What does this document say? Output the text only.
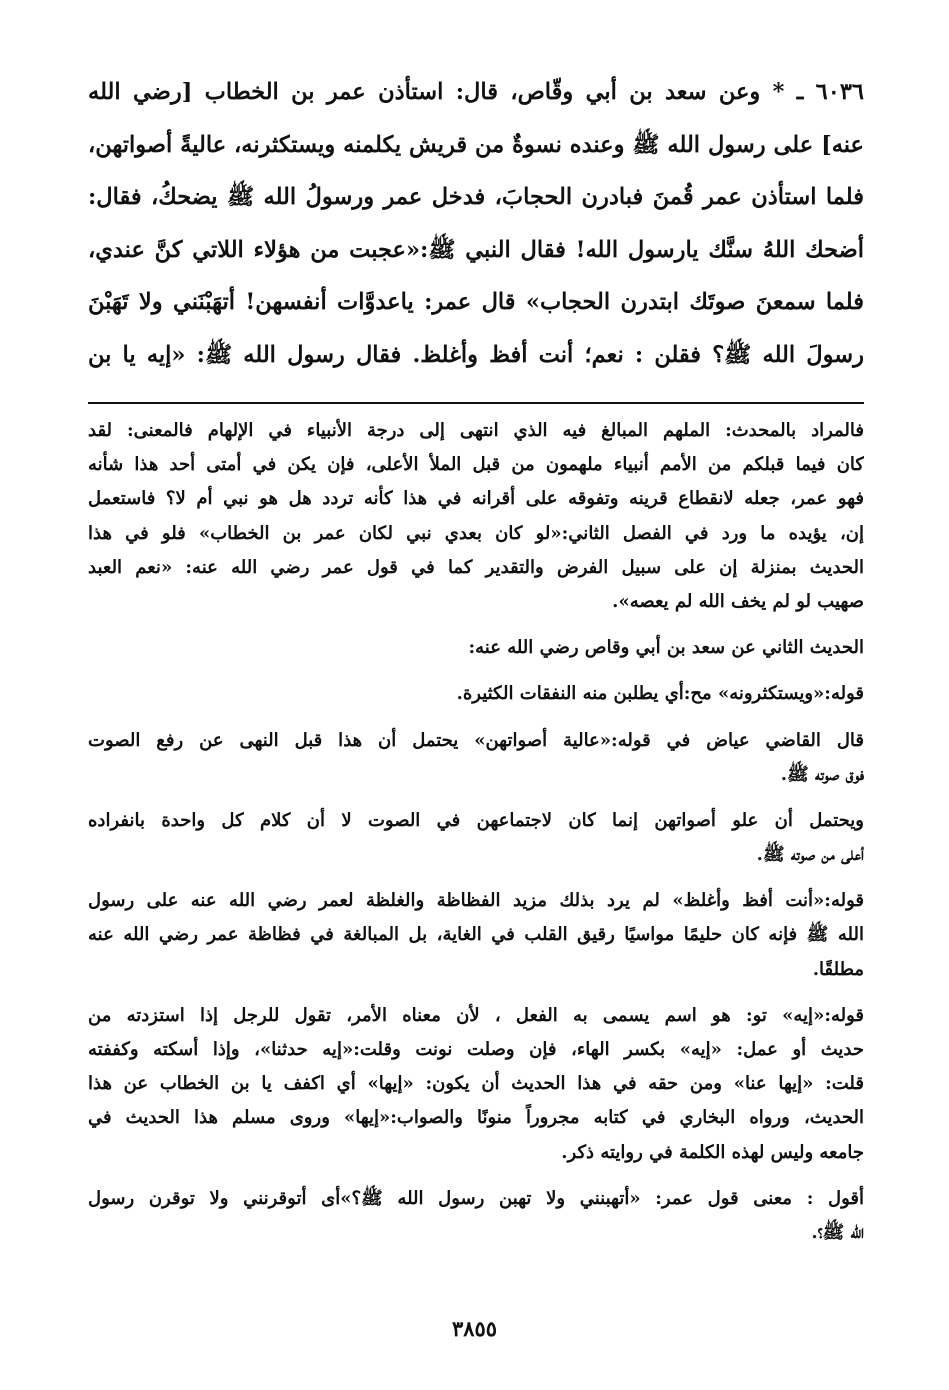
٦٠٣٦ ـ * وعن سعد بن أبي وقّاص، قال: استأذن عمر بن الخطاب [رضي الله
عنه] على رسول الله ﷺ وعنده نسوةٌ من قريش يكلمنه ويستكثرنه، عاليةً أصواتهن،
فلما استأذن عمر قُمنَ فبادرن الحجابَ، فدخل عمر ورسولُ الله ﷺ يضحكُ، فقال:
أضحك اللهُ سنَّك يارسول الله! فقال النبي ﷺ:«عجبت من هؤلاء اللاتي كنَّ عندي،
فلما سمعنَ صوتَك ابتدرن الحجاب» قال عمر: ياعدوَّات أنفسهن! أتهَبْنَني ولا تَهَبْنَ
رسولَ الله ﷺ؟ فقلن : نعم؛ أنت أفظ وأغلظ. فقال رسول الله ﷺ: «إيه يا بن
فالمراد بالمحدث: الملهم المبالغ فيه الذي انتهى إلى درجة الأنبياء في الإلهام فالمعنى: لقد
كان فيما قبلكم من الأمم أنبياء ملهمون من قبل الملأ الأعلى، فإن يكن في أمتى أحد هذا شأنه
فهو عمر، جعله لانقطاع قرينه وتفوقه على أقرانه في هذا كأنه تردد هل هو نبي أم لا؟ فاستعمل
إن، يؤيده ما ورد في الفصل الثاني:«لو كان بعدي نبي لكان عمر بن الخطاب» فلو في هذا
الحديث بمنزلة إن على سبيل الفرض والتقدير كما في قول عمر رضي الله عنه: «نعم العبد
صهيب لو لم يخف الله لم يعصه».
الحديث الثاني عن سعد بن أبي وقاص رضي الله عنه:
قوله:«ويستكثرونه» مح:أي يطلبن منه النفقات الكثيرة.
قال القاضي عياض في قوله:«عالية أصواتهن» يحتمل أن هذا قبل النهى عن رفع الصوت
فوق صوته ﷺ.
ويحتمل أن علو أصواتهن إنما كان لاجتماعهن في الصوت لا أن كلام كل واحدة بانفراده
أعلى من صوته ﷺ.
قوله:«أنت أفظ وأغلظ» لم يرد بذلك مزيد الفظاظة والغلظة لعمر رضي الله عنه على رسول
الله ﷺ فإنه كان حليمًا مواسيًا رقيق القلب في الغاية، بل المبالغة في فظاظة عمر رضي الله عنه
مطلقًا.
قوله:«إيه» تو: هو اسم يسمى به الفعل ، لأن معناه الأمر، تقول للرجل إذا استزدته من
حديث أو عمل: «إيه» بكسر الهاء، فإن وصلت نونت وقلت:«إيه حدثنا»، وإذا أسكته وكففته
قلت: «إيها عنا» ومن حقه في هذا الحديث أن يكون: «إيها» أي اكفف يا بن الخطاب عن هذا
الحديث، ورواه البخاري في كتابه مجروراً منونًا والصواب:«إيها» وروى مسلم هذا الحديث في
جامعه وليس لهذه الكلمة في روايته ذكر.
أقول : معنى قول عمر: «أتهبنني ولا تهبن رسول الله ﷺ؟»أى أتوقرنني ولا توقرن رسول
الله ﷺ؟.
٣٨٥٥
